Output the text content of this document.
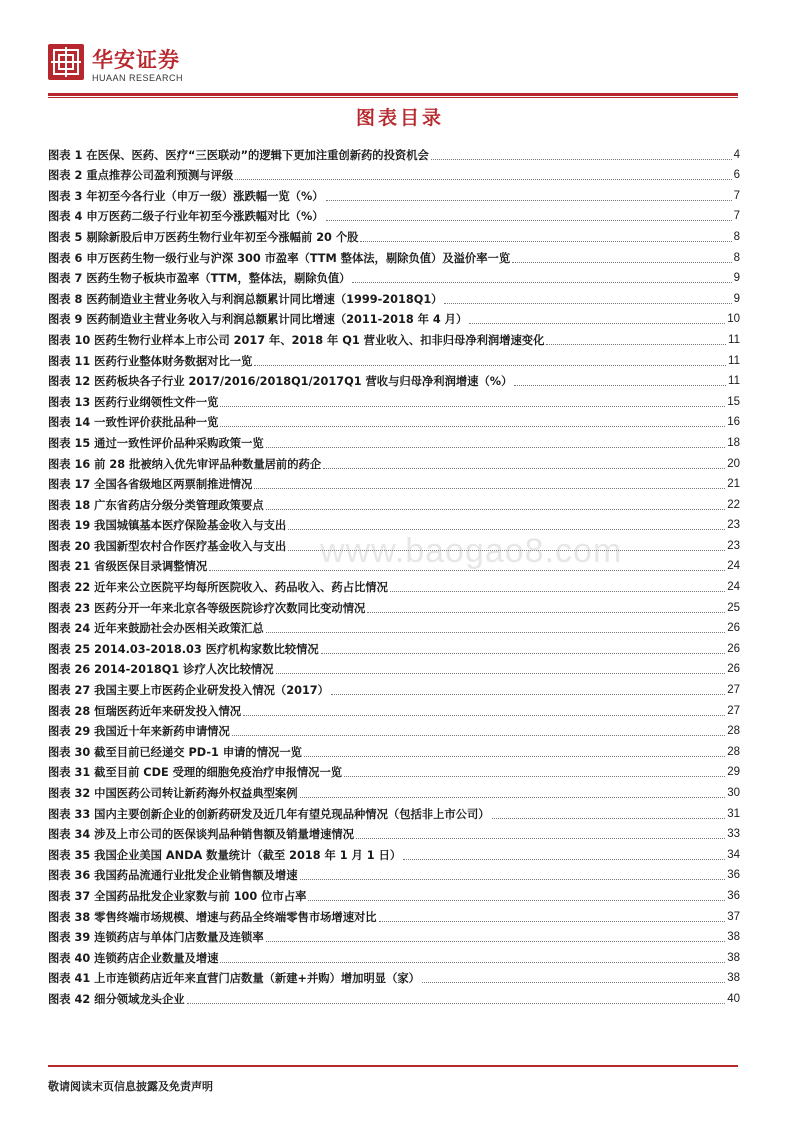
华安证券
HUAAN RESEARCH
图表目录
图表 1 在医保、医药、医疗“三医联动”的逻辑下更加注重创新药的投资机会	4
图表 2 重点推荐公司盈利预测与评级	6
图表 3 年初至今各行业（申万一级）涨跌幅一览（%）	7
图表 4 申万医药二级子行业年初至今涨跌幅对比（%）	7
图表 5 剔除新股后申万医药生物行业年初至今涨幅前 20 个股	8
图表 6 申万医药生物一级行业与沪深 300 市盈率（TTM 整体法，剔除负值）及溢价率一览	8
图表 7 医药生物子板块市盈率（TTM，整体法，剔除负值）	9
图表 8 医药制造业主营业务收入与利润总额累计同比增速（1999-2018Q1）	9
图表 9 医药制造业主营业务收入与利润总额累计同比增速（2011-2018 年 4 月）	10
图表 10 医药生物行业样本上市公司 2017 年、2018 年 Q1 营业收入、扣非归母净利润增速变化	11
图表 11 医药行业整体财务数据对比一览	11
图表 12 医药板块各子行业 2017/2016/2018Q1/2017Q1 营收与归母净利润增速（%）	11
图表 13 医药行业纲领性文件一览	15
图表 14 一致性评价获批品种一览	16
图表 15 通过一致性评价品种采购政策一览	18
图表 16 前 28 批被纳入优先审评品种数量居前的药企	20
图表 17 全国各省级地区两票制推进情况	21
图表 18 广东省药店分级分类管理政策要点	22
图表 19 我国城镇基本医疗保险基金收入与支出	23
图表 20 我国新型农村合作医疗基金收入与支出	23
图表 21 省级医保目录调整情况	24
图表 22 近年来公立医院平均每所医院收入、药品收入、药占比情况	24
图表 23 医药分开一年来北京各等级医院诊疗次数同比变动情况	25
图表 24 近年来鼓励社会办医相关政策汇总	26
图表 25 2014.03-2018.03 医疗机构家数比较情况	26
图表 26 2014-2018Q1 诊疗人次比较情况	26
图表 27 我国主要上市医药企业研发投入情况（2017）	27
图表 28 恒瑞医药近年来研发投入情况	27
图表 29 我国近十年来新药申请情况	28
图表 30 截至目前已经递交 PD-1 申请的情况一览	28
图表 31 截至目前 CDE 受理的细胞免疫治疗申报情况一览	29
图表 32 中国医药公司转让新药海外权益典型案例	30
图表 33 国内主要创新企业的创新药研发及近几年有望兑现品种情况（包括非上市公司）	31
图表 34 涉及上市公司的医保谈判品种销售额及销量增速情况	33
图表 35 我国企业美国 ANDA 数量统计（截至 2018 年 1 月 1 日）	34
图表 36 我国药品流通行业批发企业销售额及增速	36
图表 37 全国药品批发企业家数与前 100 位市占率	36
图表 38 零售终端市场规模、增速与药品全终端零售市场增速对比	37
图表 39 连锁药店与单体门店数量及连锁率	38
图表 40 连锁药店企业数量及增速	38
图表 41 上市连锁药店近年来直营门店数量（新建+并购）增加明显（家）	38
图表 42 细分领域龙头企业	40
www.baogao8.com
敬请阅读末页信息披露及免责声明
